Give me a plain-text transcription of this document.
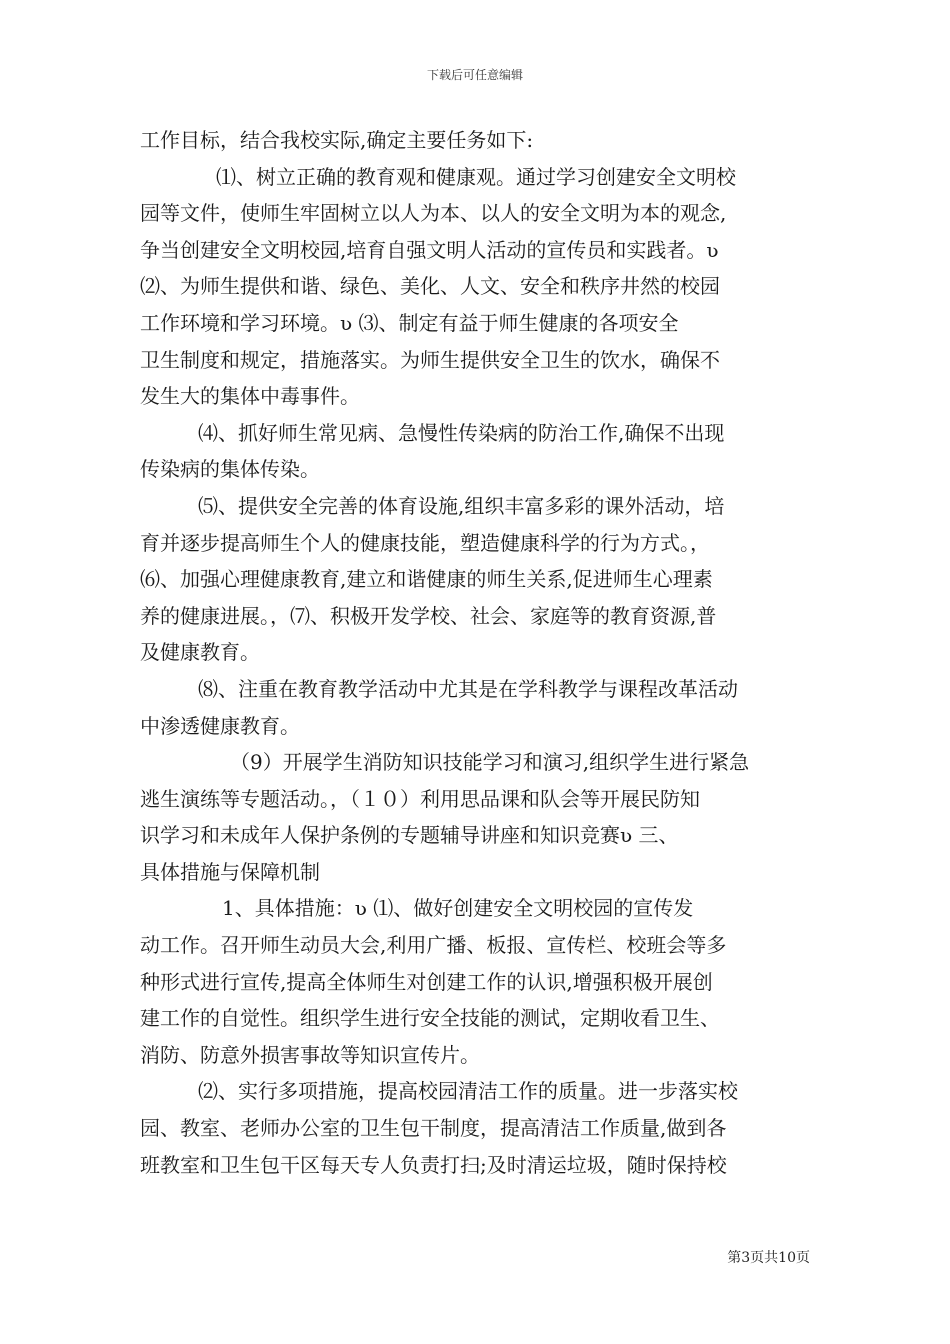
下载后可任意编辑
工作目标，结合我校实际,确定主要任务如下:
⑴、树立正确的教育观和健康观。通过学习创建安全文明校
园等文件，使师生牢固树立以人为本、以人的安全文明为本的观念,
争当创建安全文明校园,培育自强文明人活动的宣传员和实践者。ʋ
⑵、为师生提供和谐、绿色、美化、人文、安全和秩序井然的校园
工作环境和学习环境。ʋ ⑶、制定有益于师生健康的各项安全
卫生制度和规定，措施落实。为师生提供安全卫生的饮水，确保不
发生大的集体中毒事件。
⑷、抓好师生常见病、急慢性传染病的防治工作,确保不出现
传染病的集体传染。
⑸、提供安全完善的体育设施,组织丰富多彩的课外活动，培
育并逐步提高师生个人的健康技能，塑造健康科学的行为方式。，
⑹、加强心理健康教育,建立和谐健康的师生关系,促进师生心理素
养的健康进展。，⑺、积极开发学校、社会、家庭等的教育资源,普
及健康教育。
⑻、注重在教育教学活动中尤其是在学科教学与课程改革活动
中渗透健康教育。
（9）开展学生消防知识技能学习和演习,组织学生进行紧急
逃生演练等专题活动。，（１０）利用思品课和队会等开展民防知
识学习和未成年人保护条例的专题辅导讲座和知识竞赛ʋ 三、
具体措施与保障机制
1、具体措施：ʋ ⑴、做好创建安全文明校园的宣传发
动工作。召开师生动员大会,利用广播、板报、宣传栏、校班会等多
种形式进行宣传,提高全体师生对创建工作的认识,增强积极开展创
建工作的自觉性。组织学生进行安全技能的测试，定期收看卫生、
消防、防意外损害事故等知识宣传片。
⑵、实行多项措施，提高校园清洁工作的质量。进一步落实校
园、教室、老师办公室的卫生包干制度，提高清洁工作质量,做到各
班教室和卫生包干区每天专人负责打扫;及时清运垃圾，随时保持校
第3页共10页
